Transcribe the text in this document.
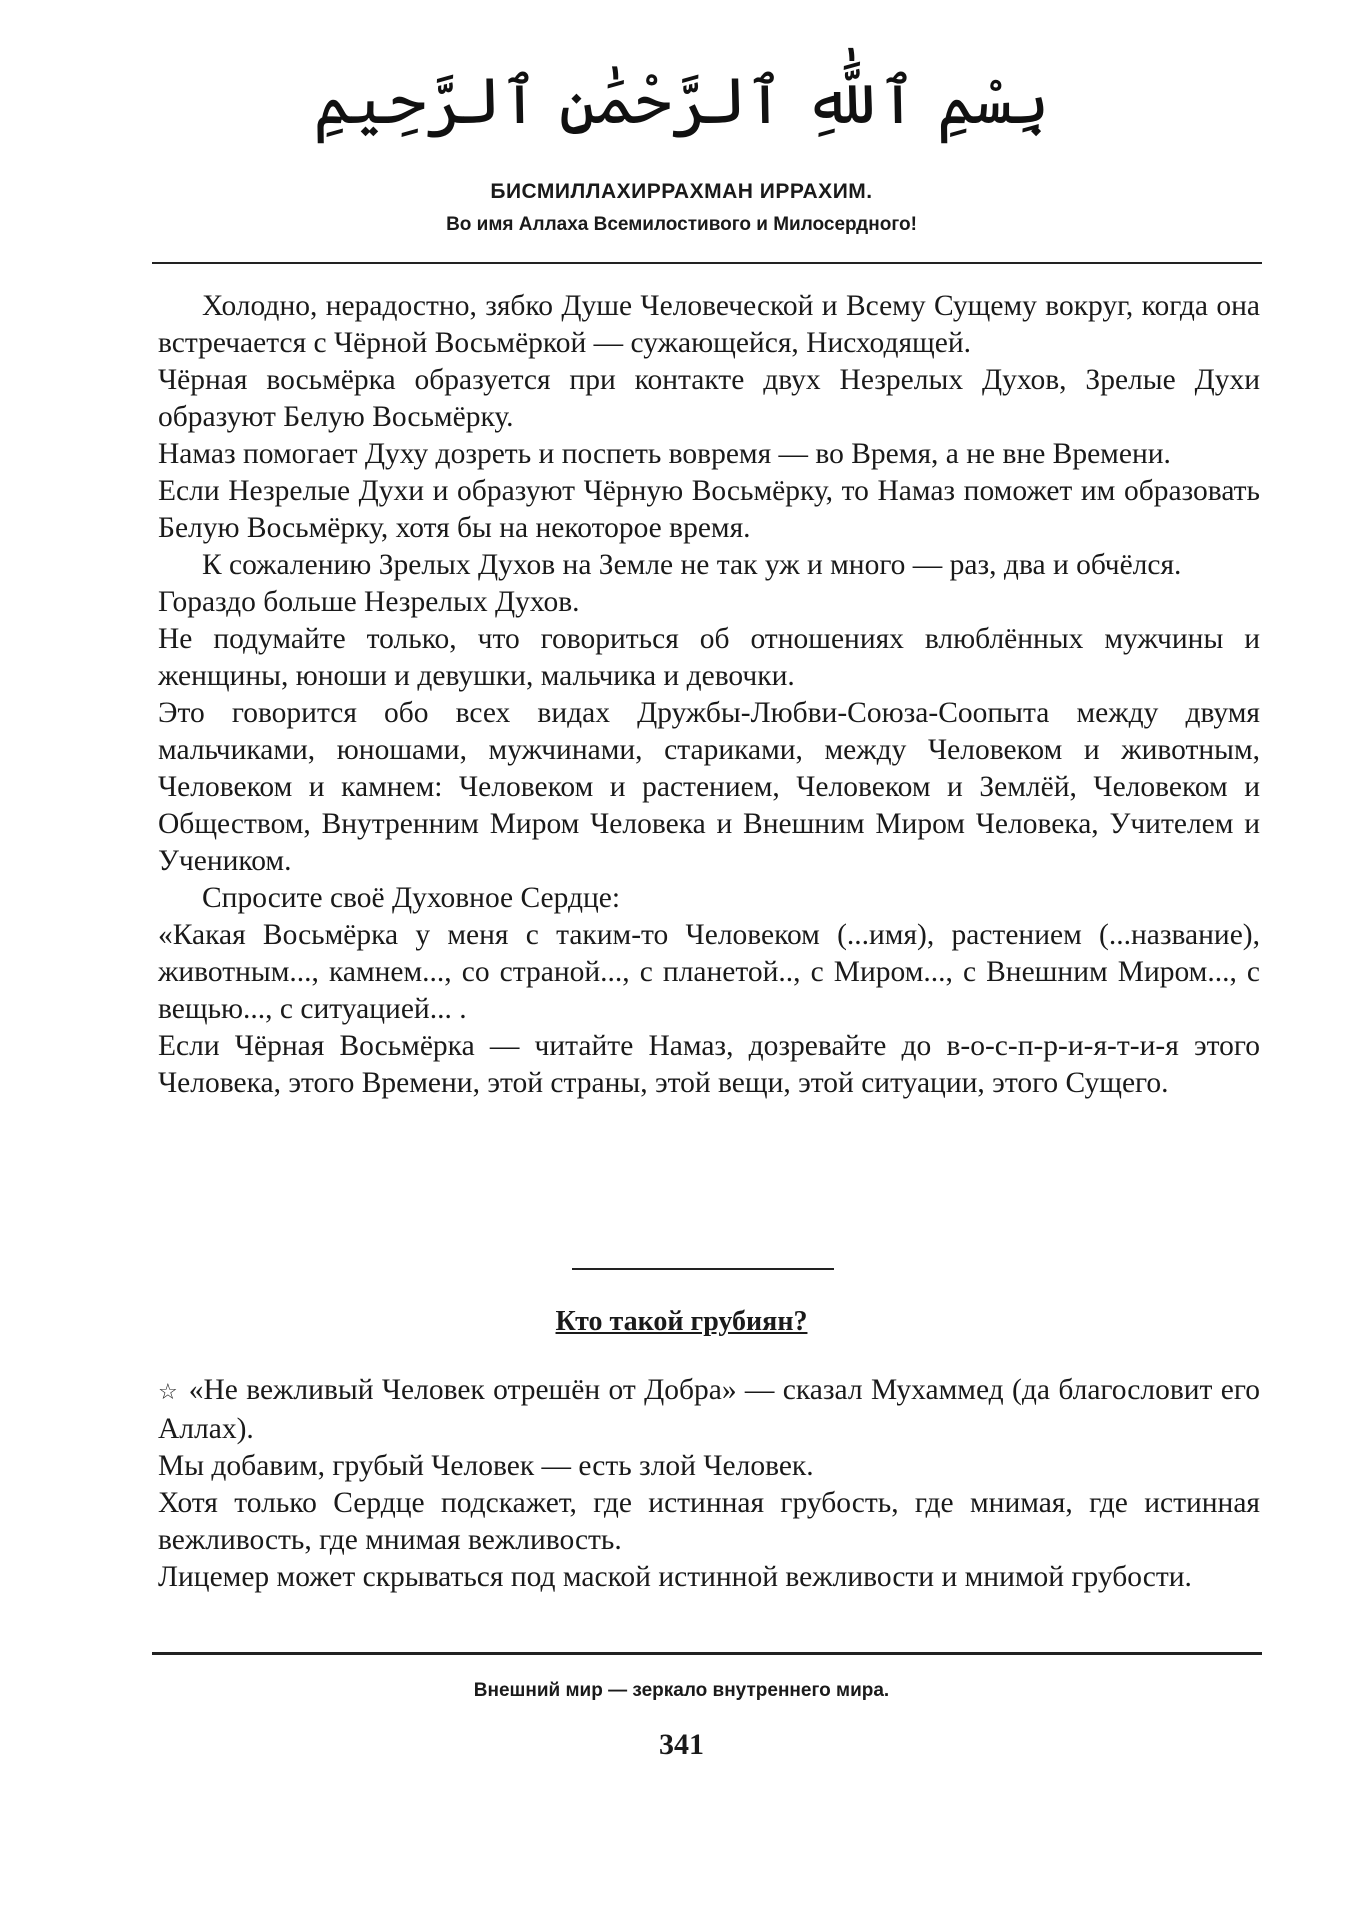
بِسْمِ ٱللَّٰهِ ٱلرَّحْمَٰنِ ٱلرَّحِيمِ
БИСМИЛЛАХИРРАХМАН ИРРАХИМ.
Во имя Аллаха Всемилостивого и Милосердного!

Холодно, нерадостно, зябко Душе Человеческой и Всему Сущему вокруг, когда она встречается с Чёрной Восьмёркой — сужающейся, Нисходящей.

Чёрная восьмёрка образуется при контакте двух Незрелых Духов, Зрелые Духи образуют Белую Восьмёрку.

Намаз помогает Духу дозреть и поспеть вовремя — во Время, а не вне Времени.

Если Незрелые Духи и образуют Чёрную Восьмёрку, то Намаз поможет им образовать Белую Восьмёрку, хотя бы на некоторое время.

К сожалению Зрелых Духов на Земле не так уж и много — раз, два и обчёлся.

Гораздо больше Незрелых Духов.

Не подумайте только, что говориться об отношениях влюблённых мужчины и женщины, юноши и девушки, мальчика и девочки.

Это говорится обо всех видах Дружбы-Любви-Союза-Соопыта между двумя мальчиками, юношами, мужчинами, стариками, между Человеком и животным, Человеком и камнем: Человеком и растением, Человеком и Землёй, Человеком и Обществом, Внутренним Миром Человека и Внешним Миром Человека, Учителем и Учеником.

Спросите своё Духовное Сердце:

«Какая Восьмёрка у меня с таким-то Человеком (...имя), растением (...название), животным..., камнем..., со страной..., с планетой.., с Миром..., с Внешним Миром..., с вещью..., с ситуацией... .

Если Чёрная Восьмёрка — читайте Намаз, дозревайте до в-о-с-п-р-и-я-т-и-я этого Человека, этого Времени, этой страны, этой вещи, этой ситуации, этого Сущего.

Кто такой грубиян?

☆ «Не вежливый Человек отрешён от Добра» — сказал Мухаммед (да благословит его Аллах).

Мы добавим, грубый Человек — есть злой Человек.

Хотя только Сердце подскажет, где истинная грубость, где мнимая, где истинная вежливость, где мнимая вежливость.

Лицемер может скрываться под маской истинной вежливости и мнимой грубости.

Внешний мир — зеркало внутреннего мира.
341
